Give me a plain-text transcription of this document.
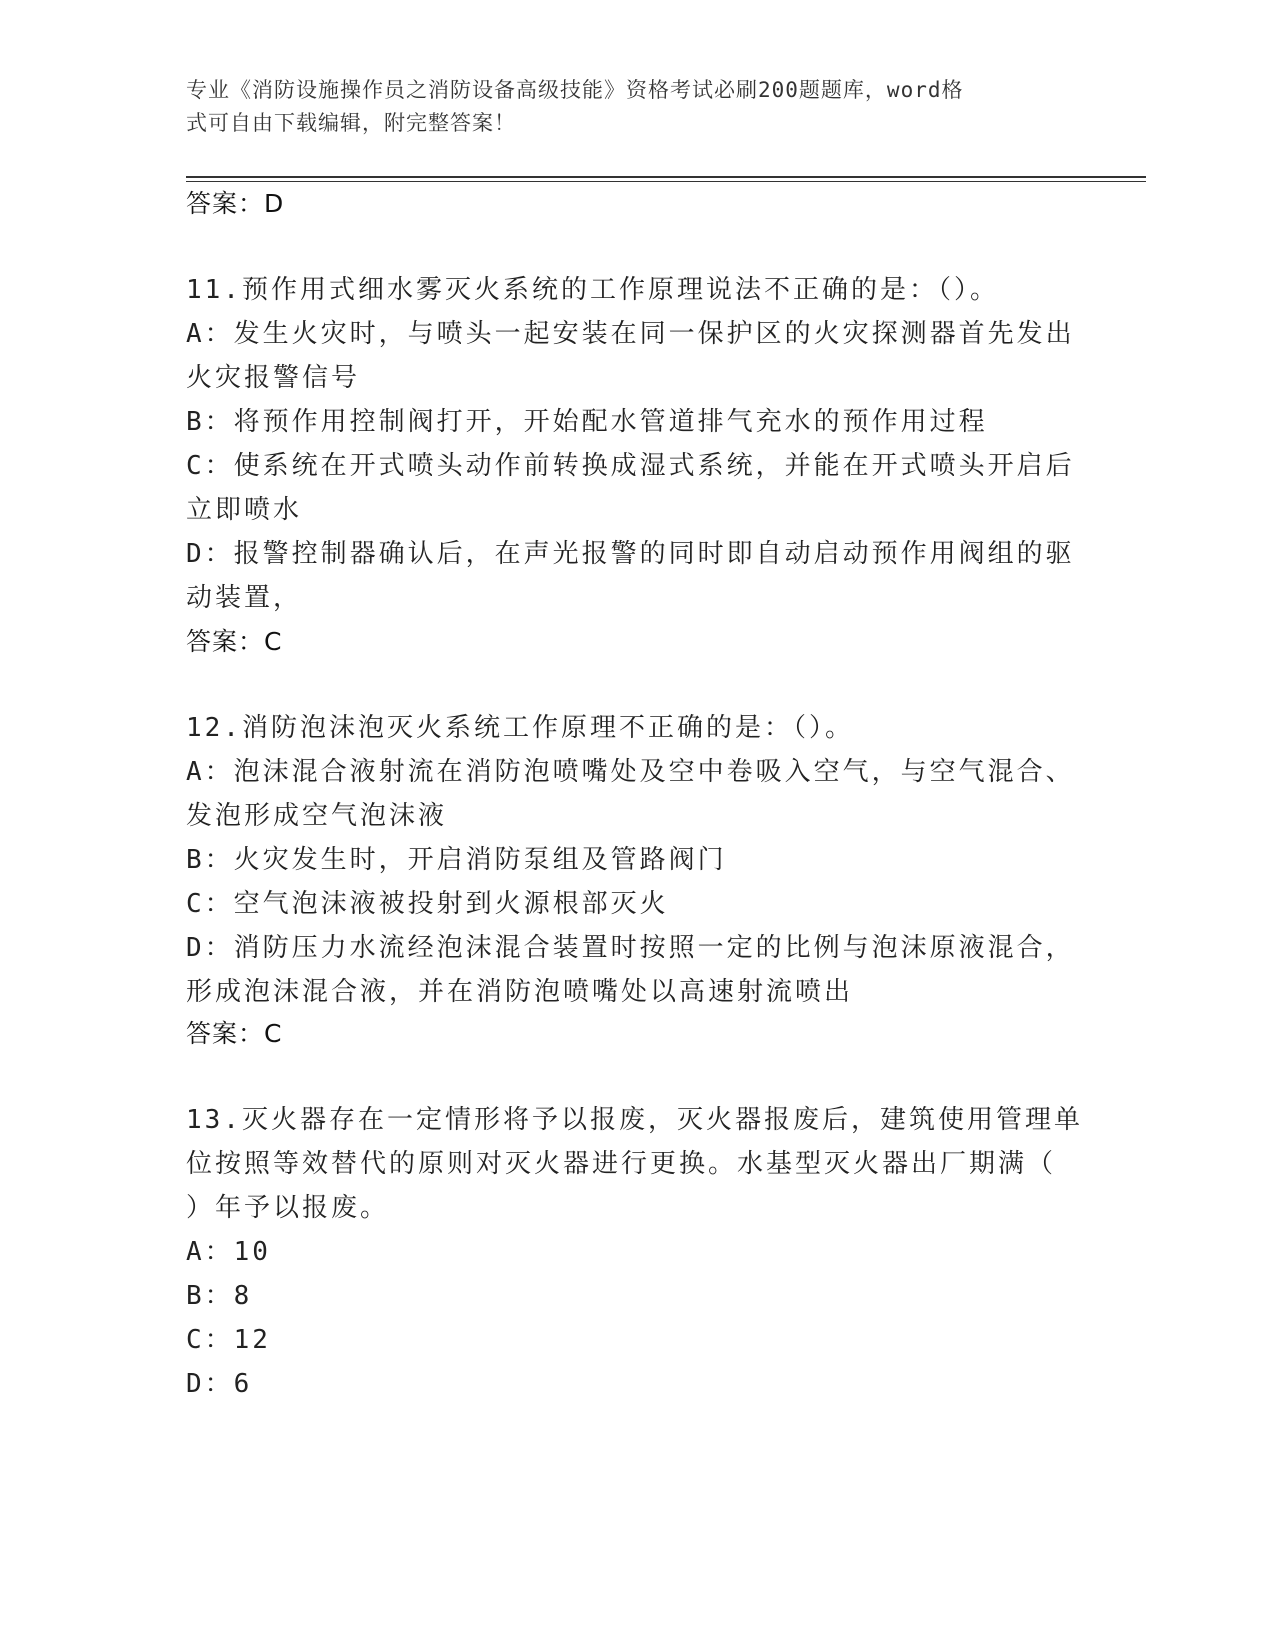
专业《消防设施操作员之消防设备高级技能》资格考试必刷200题题库，word格
式可自由下载编辑，附完整答案！
答案：D
11.预作用式细水雾灭火系统的工作原理说法不正确的是：（）。
A：发生火灾时，与喷头一起安装在同一保护区的火灾探测器首先发出
火灾报警信号
B：将预作用控制阀打开，开始配水管道排气充水的预作用过程
C：使系统在开式喷头动作前转换成湿式系统，并能在开式喷头开启后
立即喷水
D：报警控制器确认后，在声光报警的同时即自动启动预作用阀组的驱
动装置，
答案：C
12.消防泡沫泡灭火系统工作原理不正确的是：（）。
A：泡沫混合液射流在消防泡喷嘴处及空中卷吸入空气，与空气混合、
发泡形成空气泡沫液
B：火灾发生时，开启消防泵组及管路阀门
C：空气泡沫液被投射到火源根部灭火
D：消防压力水流经泡沫混合装置时按照一定的比例与泡沫原液混合，
形成泡沫混合液，并在消防泡喷嘴处以高速射流喷出
答案：C
13.灭火器存在一定情形将予以报废，灭火器报废后，建筑使用管理单
位按照等效替代的原则对灭火器进行更换。水基型灭火器出厂期满（
）年予以报废。
A：10
B：8
C：12
D：6
